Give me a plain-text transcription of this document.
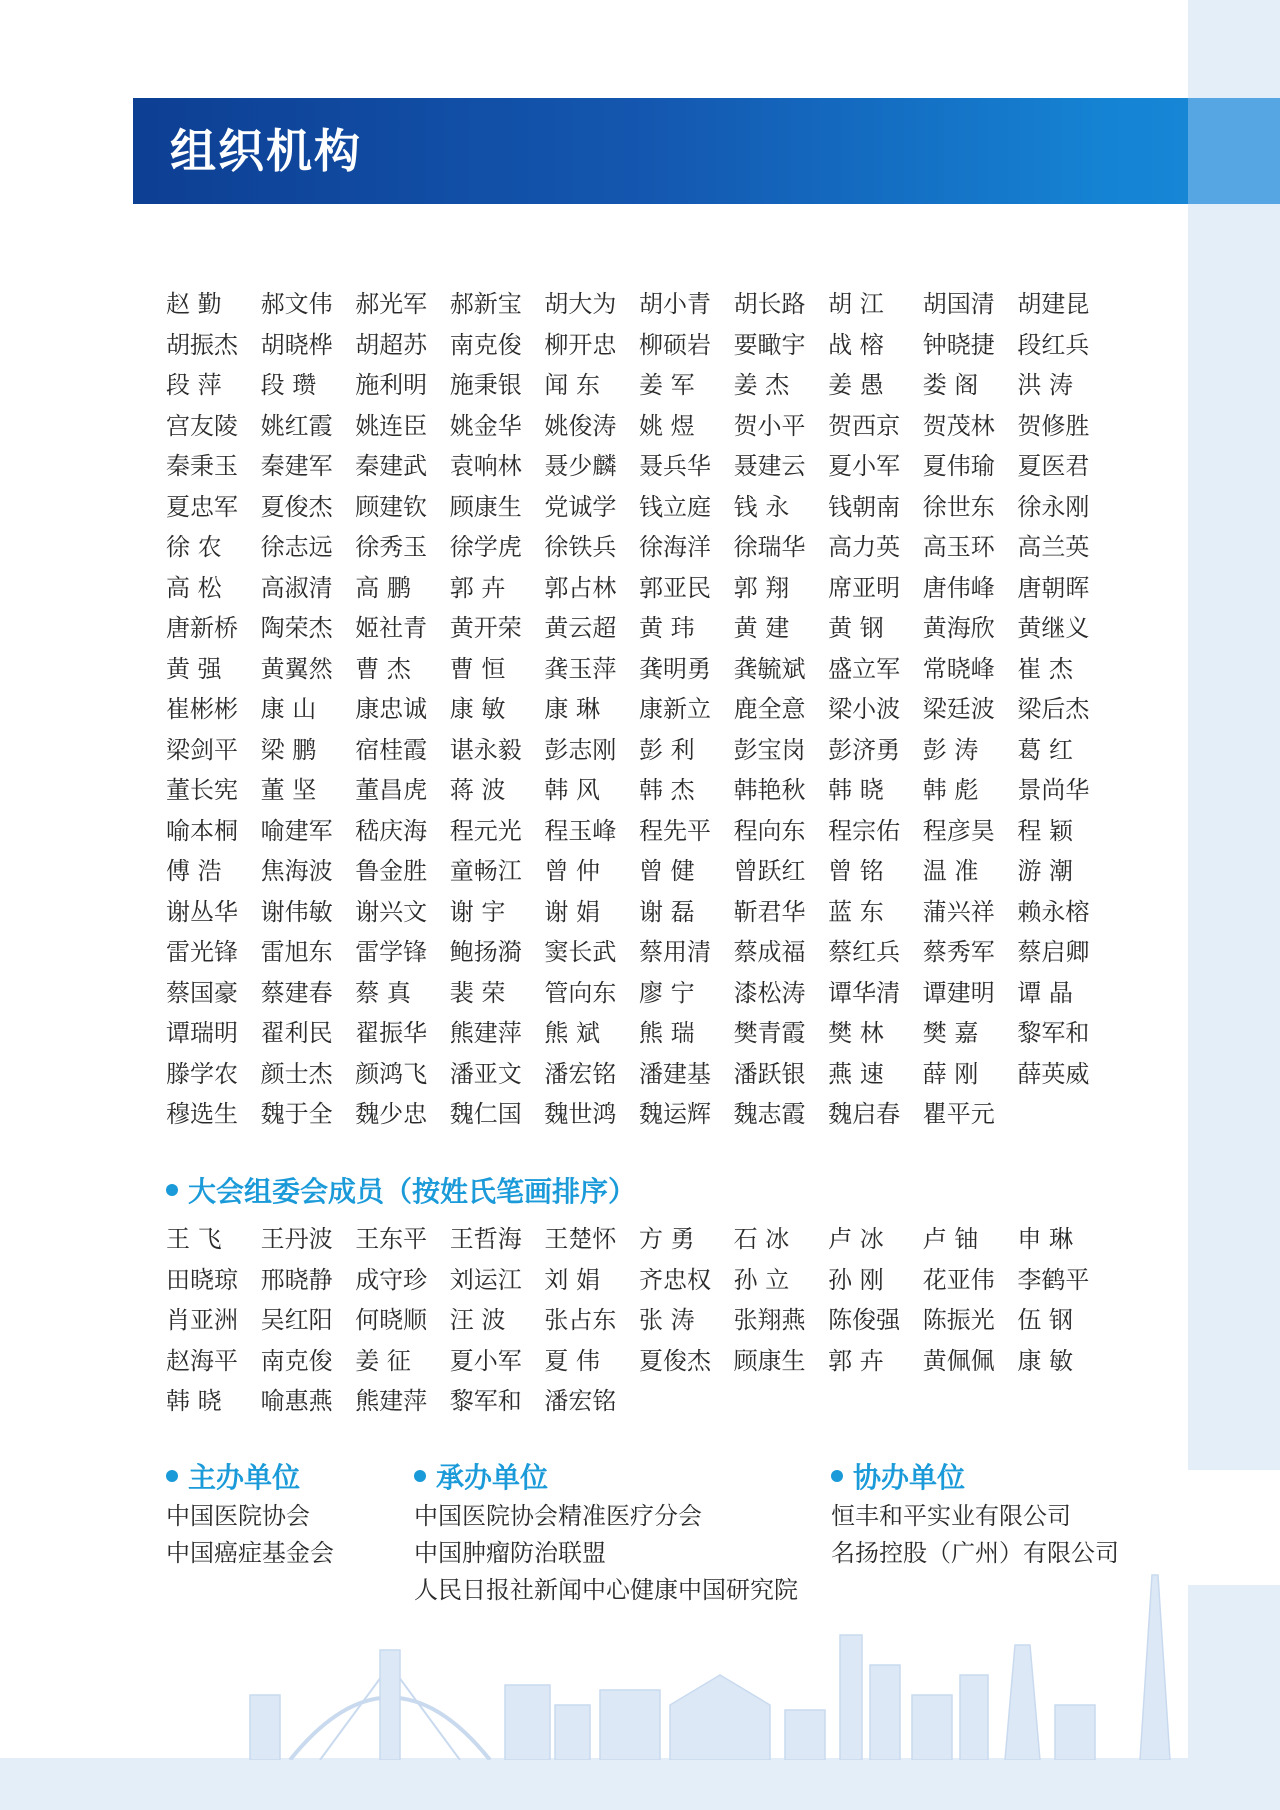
组织机构
赵 勤	郝文伟 郝光军 郝新宝 胡大为 胡小青 胡长路 胡 江	胡国清 胡建昆
胡振杰 胡晓桦 胡超苏 南克俊 柳开忠 柳硕岩 要瞰宇 战 榕	钟晓捷 段红兵
段 萍	段 瓒	施利明 施秉银 闻 东	姜 军	姜 杰	姜 愚	娄 阁	洪 涛
宫友陵 姚红霞 姚连臣 姚金华 姚俊涛 姚 煜	贺小平 贺西京 贺茂林 贺修胜
秦秉玉 秦建军 秦建武 袁响林 聂少麟 聂兵华 聂建云 夏小军 夏伟瑜 夏医君
夏忠军 夏俊杰 顾建钦 顾康生 党诚学 钱立庭 钱 永	钱朝南 徐世东 徐永刚
徐 农	徐志远 徐秀玉 徐学虎 徐铁兵 徐海洋 徐瑞华 高力英 高玉环 高兰英
高 松	高淑清 高 鹏	郭 卉	郭占林 郭亚民 郭 翔	席亚明 唐伟峰 唐朝晖
唐新桥 陶荣杰 姬社青 黄开荣 黄云超 黄 玮	黄 建	黄 钢	黄海欣 黄继义
黄 强	黄翼然 曹 杰	曹 恒	龚玉萍 龚明勇 龚毓斌 盛立军 常晓峰 崔 杰
崔彬彬 康 山	康忠诚 康 敏	康 琳	康新立 鹿全意 梁小波 梁廷波 梁后杰
梁剑平 梁 鹏	宿桂霞 谌永毅 彭志刚 彭 利	彭宝岗 彭济勇 彭 涛	葛 红
董长宪 董 坚	董昌虎 蒋 波	韩 风	韩 杰	韩艳秋 韩 晓	韩 彪	景尚华
喻本桐 喻建军 嵇庆海 程元光 程玉峰 程先平 程向东 程宗佑 程彦昊 程 颖
傅 浩	焦海波 鲁金胜 童畅江 曾 仲	曾 健	曾跃红 曾 铭	温 准	游 潮
谢丛华 谢伟敏 谢兴文 谢 宇	谢 娟	谢 磊	靳君华 蓝 东	蒲兴祥 赖永榕
雷光锋 雷旭东 雷学锋 鲍扬漪 窦长武 蔡用清 蔡成福 蔡红兵 蔡秀军 蔡启卿
蔡国豪 蔡建春 蔡 真	裴 荣	管向东 廖 宁	漆松涛 谭华清 谭建明 谭 晶
谭瑞明 翟利民 翟振华 熊建萍 熊 斌	熊 瑞	樊青霞 樊 林	樊 嘉	黎军和
滕学农 颜士杰 颜鸿飞 潘亚文 潘宏铭 潘建基 潘跃银 燕 速	薛 刚	薛英威
穆选生 魏于全 魏少忠 魏仁国 魏世鸿 魏运辉 魏志霞 魏启春 瞿平元
大会组委会成员（按姓氏笔画排序）
王 飞	王丹波 王东平 王哲海 王楚怀 方 勇	石 冰	卢 冰	卢 铀	申 琳
田晓琼 邢晓静 成守珍 刘运江 刘 娟	齐忠权 孙 立	孙 刚	花亚伟 李鹤平
肖亚洲 吴红阳 何晓顺 汪 波	张占东 张 涛	张翔燕 陈俊强 陈振光 伍 钢
赵海平 南克俊 姜 征	夏小军 夏 伟	夏俊杰 顾康生 郭 卉	黄佩佩 康 敏
韩 晓	喻惠燕 熊建萍 黎军和 潘宏铭
主办单位
中国医院协会
中国癌症基金会
承办单位
中国医院协会精准医疗分会
中国肿瘤防治联盟
人民日报社新闻中心健康中国研究院
协办单位
恒丰和平实业有限公司
名扬控股（广州）有限公司
